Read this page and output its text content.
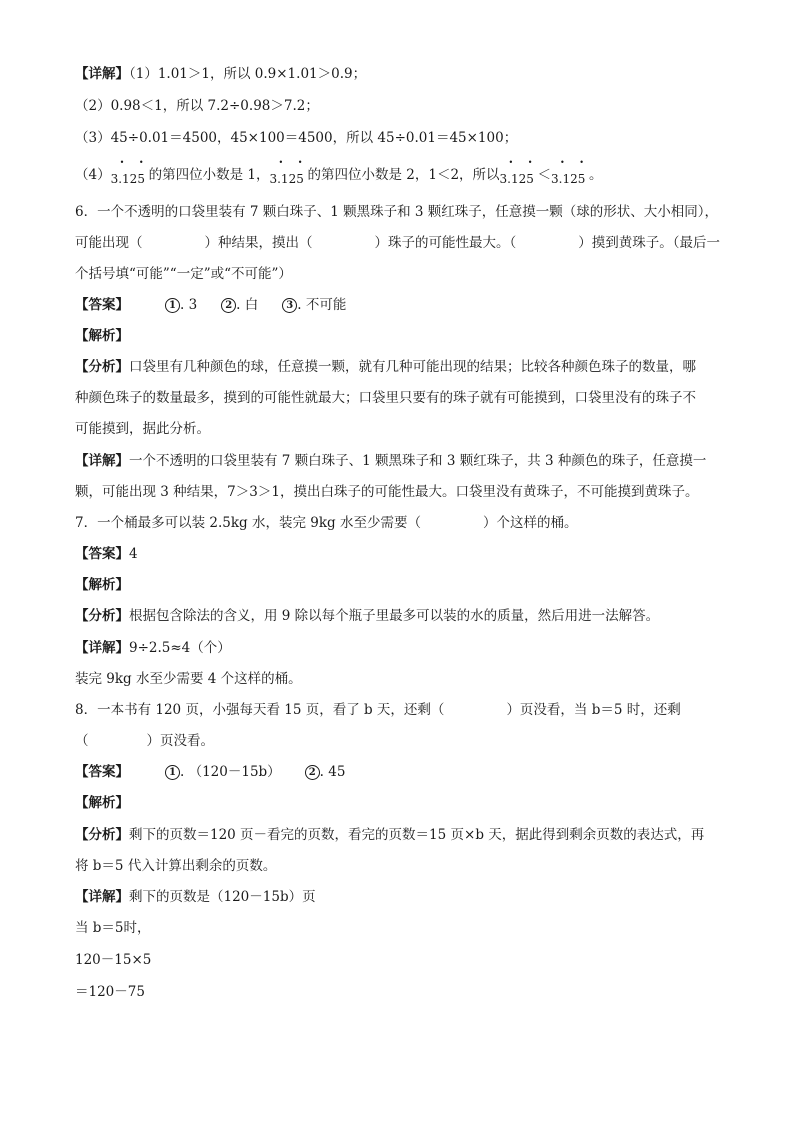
【详解】（1）1.01＞1，所以 0.9×1.01＞0.9；
（2）0.98＜1，所以 7.2÷0.98＞7.2；
（3）45÷0.01＝4500，45×100＝4500，所以 45÷0.01＝45×100；
（4）
• •
3.125 的第四位小数是 1，
• •
3.125 的第四位小数是 2，1＜2，所以
• •
3.125 ＜
• •
3.125 。
6．一个不透明的口袋里装有 7 颗白珠子、1 颗黑珠子和 3 颗红珠子，任意摸一颗（球的形状、大小相同），
可能出现（	）种结果，摸出（	）珠子的可能性最大。（	）摸到黄珠子。（最后一
个括号填“可能”“一定”或“不可能”）
【答案】	1 . 3	2 . 白	3 . 不可能
【解析】
【分析】口袋里有几种颜色的球，任意摸一颗，就有几种可能出现的结果；比较各种颜色珠子的数量，哪
种颜色珠子的数量最多，摸到的可能性就最大；口袋里只要有的珠子就有可能摸到，口袋里没有的珠子不
可能摸到，据此分析。
【详解】一个不透明的口袋里装有 7 颗白珠子、1 颗黑珠子和 3 颗红珠子，共 3 种颜色的珠子，任意摸一
颗，可能出现 3 种结果，7＞3＞1，摸出白珠子的可能性最大。口袋里没有黄珠子，不可能摸到黄珠子。
7．一个桶最多可以装 2.5kg 水，装完 9kg 水至少需要（	）个这样的桶。
【答案】4
【解析】
【分析】根据包含除法的含义，用 9 除以每个瓶子里最多可以装的水的质量，然后用进一法解答。
【详解】9÷2.5≈4（个）
装完 9kg 水至少需要 4 个这样的桶。
8．一本书有 120 页，小强每天看 15 页，看了 b 天，还剩（	）页没看，当 b＝5 时，还剩
（	）页没看。
【答案】	1 . （120－15b）	2 . 45
【解析】
【分析】剩下的页数＝120 页－看完的页数，看完的页数＝15 页×b 天，据此得到剩余页数的表达式，再
将 b＝5 代入计算出剩余的页数。
【详解】剩下的页数是（120－15b）页
当 b＝5时，
120－15×5
＝120－75
